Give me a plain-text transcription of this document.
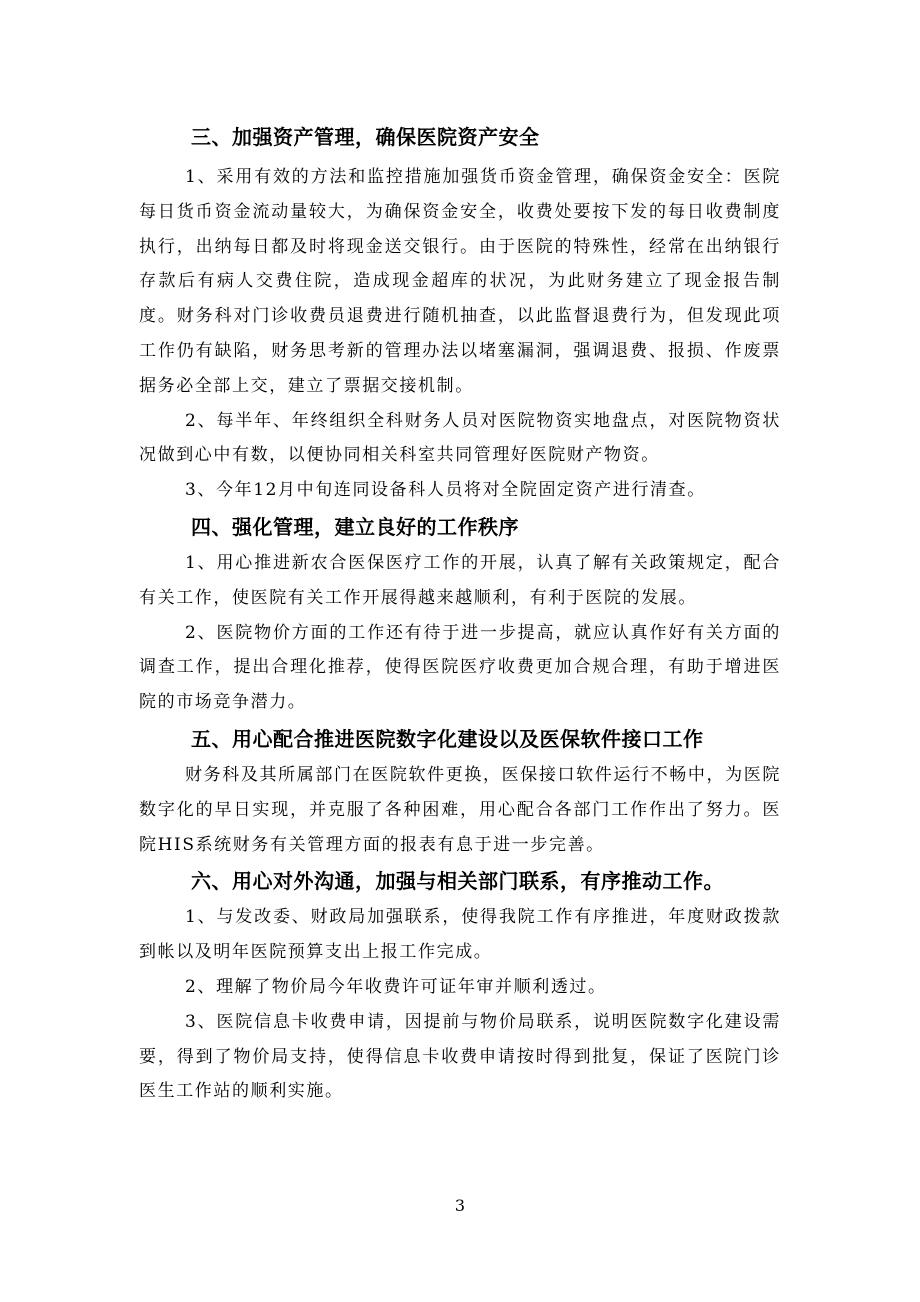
三、加强资产管理，确保医院资产安全

1、采用有效的方法和监控措施加强货币资金管理，确保资金安全：医院每日货币资金流动量较大，为确保资金安全，收费处要按下发的每日收费制度执行，出纳每日都及时将现金送交银行。由于医院的特殊性，经常在出纳银行存款后有病人交费住院，造成现金超库的状况，为此财务建立了现金报告制度。财务科对门诊收费员退费进行随机抽查，以此监督退费行为，但发现此项工作仍有缺陷，财务思考新的管理办法以堵塞漏洞，强调退费、报损、作废票据务必全部上交，建立了票据交接机制。

2、每半年、年终组织全科财务人员对医院物资实地盘点，对医院物资状况做到心中有数，以便协同相关科室共同管理好医院财产物资。

3、今年12月中旬连同设备科人员将对全院固定资产进行清查。

四、强化管理，建立良好的工作秩序

1、用心推进新农合医保医疗工作的开展，认真了解有关政策规定，配合有关工作，使医院有关工作开展得越来越顺利，有利于医院的发展。

2、医院物价方面的工作还有待于进一步提高，就应认真作好有关方面的调查工作，提出合理化推荐，使得医院医疗收费更加合规合理，有助于增进医院的市场竞争潜力。

五、用心配合推进医院数字化建设以及医保软件接口工作

财务科及其所属部门在医院软件更换，医保接口软件运行不畅中，为医院数字化的早日实现，并克服了各种困难，用心配合各部门工作作出了努力。医院HIS系统财务有关管理方面的报表有息于进一步完善。

六、用心对外沟通，加强与相关部门联系，有序推动工作。

1、与发改委、财政局加强联系，使得我院工作有序推进，年度财政拨款到帐以及明年医院预算支出上报工作完成。

2、理解了物价局今年收费许可证年审并顺利透过。

3、医院信息卡收费申请，因提前与物价局联系，说明医院数字化建设需要，得到了物价局支持，使得信息卡收费申请按时得到批复，保证了医院门诊医生工作站的顺利实施。

3
